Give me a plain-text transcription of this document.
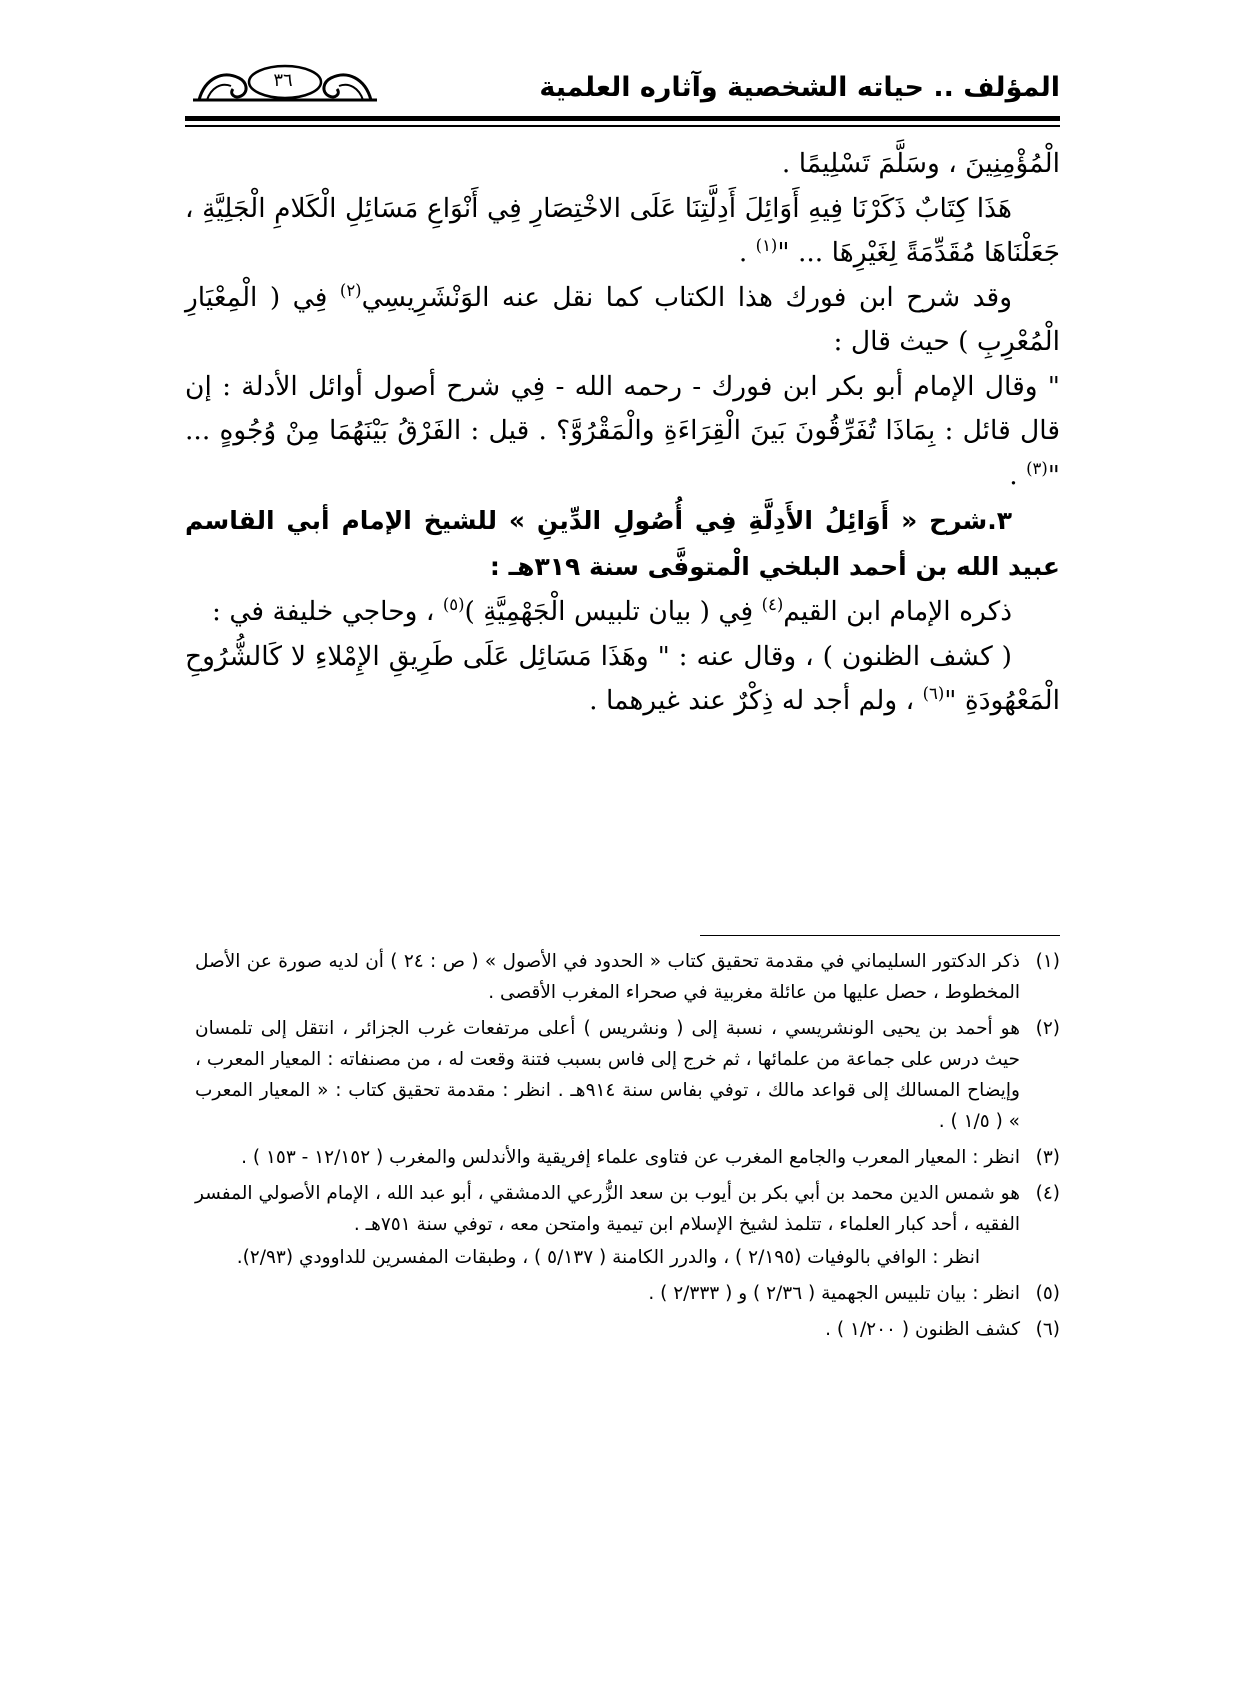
المؤلف .. حياته الشخصية وآثاره العلمية
٣٦

الْمُؤْمِنِينَ ، وسَلَّمَ تَسْلِيمًا .

هَذَا كِتَابٌ ذَكَرْنَا فِيهِ أَوَائِلَ أَدِلَّتِنَا عَلَى الاخْتِصَارِ فِي أَنْوَاعِ مَسَائِلِ الْكَلامِ الْجَلِيَّةِ ، جَعَلْنَاهَا مُقَدِّمَةً لِغَيْرِهَا ... "$^{(١)}$ .

وقد شرح ابن فورك هذا الكتاب كما نقل عنه الوَنْشَرِيسِي$^{(٢)}$ فِي ( الْمِعْيَارِ الْمُعْرِبِ ) حيث قال :

" وقال الإمام أبو بكر ابن فورك - رحمه الله - فِي شرح أصول أوائل الأدلة : إن قال قائل : بِمَاذَا تُفَرِّقُونَ بَينَ الْقِرَاءَةِ والْمَقْرُوَّ؟ . قيل : الفَرْقُ بَيْنَهُمَا مِنْ وُجُوهٍ ... "$^{(٣)}$ .

٣.شرح « أَوَائِلُ الأَدِلَّةِ فِي أُصُولِ الدِّينِ » للشيخ الإمام أبي القاسم عبيد الله بن أحمد البلخي الْمتوفَّى سنة ٣١٩هـ :

ذكره الإمام ابن القيم$^{(٤)}$ فِي ( بيان تلبيس الْجَهْمِيَّةِ )$^{(٥)}$ ، وحاجي خليفة في :

( كشف الظنون ) ، وقال عنه : " وهَذَا مَسَائِل عَلَى طَرِيقِ الإِمْلاءِ لا كَالشُّرُوحِ الْمَعْهُودَةِ "$^{(٦)}$ ، ولم أجد له ذِكْرٌ عند غيرهما .

(١)
ذكر الدكتور السليماني في مقدمة تحقيق كتاب « الحدود في الأصول » ( ص : ٢٤ ) أن لديه صورة عن الأصل المخطوط ، حصل عليها من عائلة مغربية في صحراء المغرب الأقصى .
(٢)
هو أحمد بن يحيى الونشريسي ، نسبة إلى ( ونشريس ) أعلى مرتفعات غرب الجزائر ، انتقل إلى تلمسان حيث درس على جماعة من علمائها ، ثم خرج إلى فاس بسبب فتنة وقعت له ، من مصنفاته : المعيار المعرب ، وإيضاح المسالك إلى قواعد مالك ، توفي بفاس سنة ٩١٤هـ . انظر : مقدمة تحقيق كتاب : « المعيار المعرب » ( ١/٥ ) .
(٣)
انظر : المعيار المعرب والجامع المغرب عن فتاوى علماء إفريقية والأندلس والمغرب ( ١٢/١٥٢ - ١٥٣ ) .
(٤)
هو شمس الدين محمد بن أبي بكر بن أيوب بن سعد الزُّرعي الدمشقي ، أبو عبد الله ، الإمام الأصولي المفسر الفقيه ، أحد كبار العلماء ، تتلمذ لشيخ الإسلام ابن تيمية وامتحن معه ، توفي سنة ٧٥١هـ .
انظر : الوافي بالوفيات (٢/١٩٥ ) ، والدرر الكامنة ( ٥/١٣٧ ) ، وطبقات المفسرين للداوودي (٢/٩٣).
(٥)
انظر : بيان تلبيس الجهمية ( ٢/٣٦ ) و ( ٢/٣٣٣ ) .
(٦)
كشف الظنون ( ١/٢٠٠ ) .
